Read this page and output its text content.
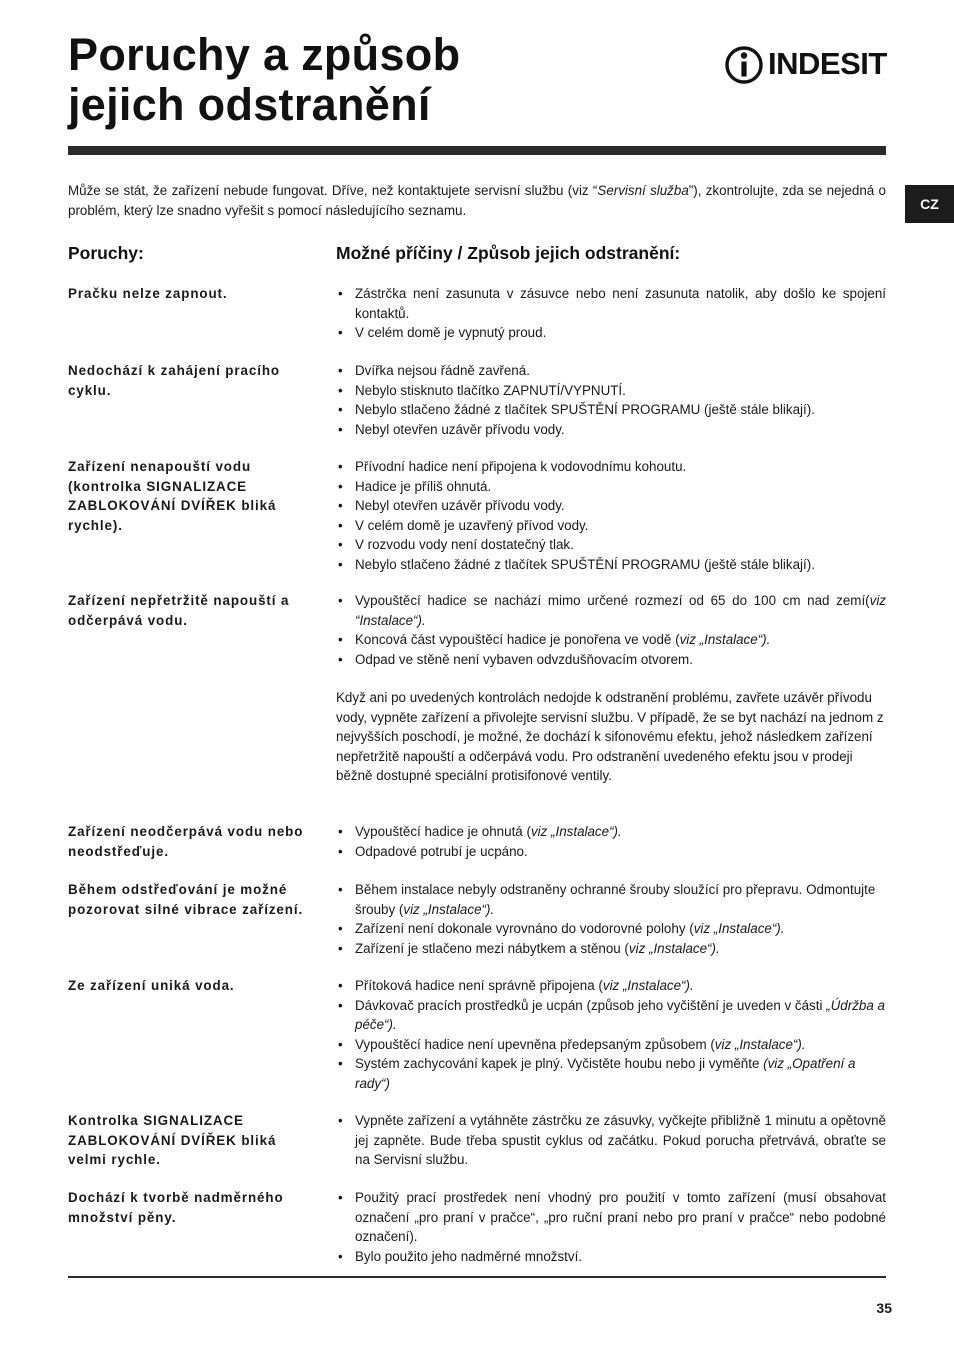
Poruchy a způsob
jejich odstranění
INDESIT
CZ

Může se stát, že zařízení nebude fungovat. Dříve, než kontaktujete servisní službu (viz “Servisní služba”), zkontrolujte, zda se nejedná o problém, který lze snadno vyřešit s pomocí následujícího seznamu.

Poruchy:	Možné příčiny / Způsob jejich odstranění:
Pračku nelze zapnout.	• Zástrčka není zasunuta v zásuvce nebo není zasunuta natolik, aby došlo ke spojení kontaktů.
• V celém domě je vypnutý proud.
Nedochází k zahájení pracího cyklu.
• Dvířka nejsou řádně zavřená.
• Nebylo stisknuto tlačítko ZAPNUTÍ/VYPNUTÍ.
• Nebylo stlačeno žádné z tlačítek SPUŠTĚNÍ PROGRAMU (ještě stále blikají).
• Nebyl otevřen uzávěr přívodu vody.
Zařízení nenapouští vodu (kontrolka SIGNALIZACE ZABLOKOVÁNÍ DVÍŘEK bliká rychle).
• Přívodní hadice není připojena k vodovodnímu kohoutu.
• Hadice je příliš ohnutá.
• Nebyl otevřen uzávěr přívodu vody.
• V celém domě je uzavřený přívod vody.
• V rozvodu vody není dostatečný tlak.
• Nebylo stlačeno žádné z tlačítek SPUŠTĚNÍ PROGRAMU (ještě stále blikají).
Zařízení nepřetržitě napouští a odčerpává vodu.
• Vypouštěcí hadice se nachází mimo určené rozmezí od 65 do 100 cm nad zemí(viz “Instalace“).
• Koncová část vypouštěcí hadice je ponořena ve vodě (viz „Instalace“).
• Odpad ve stěně není vybaven odvzdušňovacím otvorem.

Když ani po uvedených kontrolách nedojde k odstranění problému, zavřete uzávěr přívodu vody, vypněte zařízení a přivolejte servisní službu. V případě, že se byt nachází na jednom z nejvyšších poschodí, je možné, že dochází k sifonovému efektu, jehož následkem zařízení nepřetržitě napouští a odčerpává vodu. Pro odstranění uvedeného efektu jsou v prodeji běžně dostupné speciální protisifonové ventily.

Zařízení neodčerpává vodu nebo neodstřeďuje.
• Vypouštěcí hadice je ohnutá (viz „Instalace“).
• Odpadové potrubí je ucpáno.
Během odstřeďování je možné pozorovat silné vibrace zařízení.
• Během instalace nebyly odstraněny ochranné šrouby sloužící pro přepravu. Odmontujte šrouby (viz „Instalace“).
• Zařízení není dokonale vyrovnáno do vodorovné polohy (viz „Instalace“).
• Zařízení je stlačeno mezi nábytkem a stěnou (viz „Instalace“).
Ze zařízení uniká voda.	• Přítoková hadice není správně připojena (viz „Instalace“).
• Dávkovač pracích prostředků je ucpán (způsob jeho vyčištění je uveden v části „Údržba a péče“).
• Vypouštěcí hadice není upevněna předepsaným způsobem (viz „Instalace“).
• Systém zachycování kapek je plný. Vyčistěte houbu nebo ji vyměňte (viz „Opatření a rady“)
Kontrolka SIGNALIZACE ZABLOKOVÁNÍ DVÍŘEK bliká velmi rychle.
• Vypněte zařízení a vytáhněte zástrčku ze zásuvky, vyčkejte přibližně 1 minutu a opětovně jej zapněte. Bude třeba spustit cyklus od začátku. Pokud porucha přetrvává, obraťte se na Servisní službu.
Dochází k tvorbě nadměrného množství pěny.
• Použitý prací prostředek není vhodný pro použití v tomto zařízení (musí obsahovat označení „pro praní v pračce“, „pro ruční praní nebo pro praní v pračce“ nebo podobné označení).
• Bylo použito jeho nadměrné množství.
35
